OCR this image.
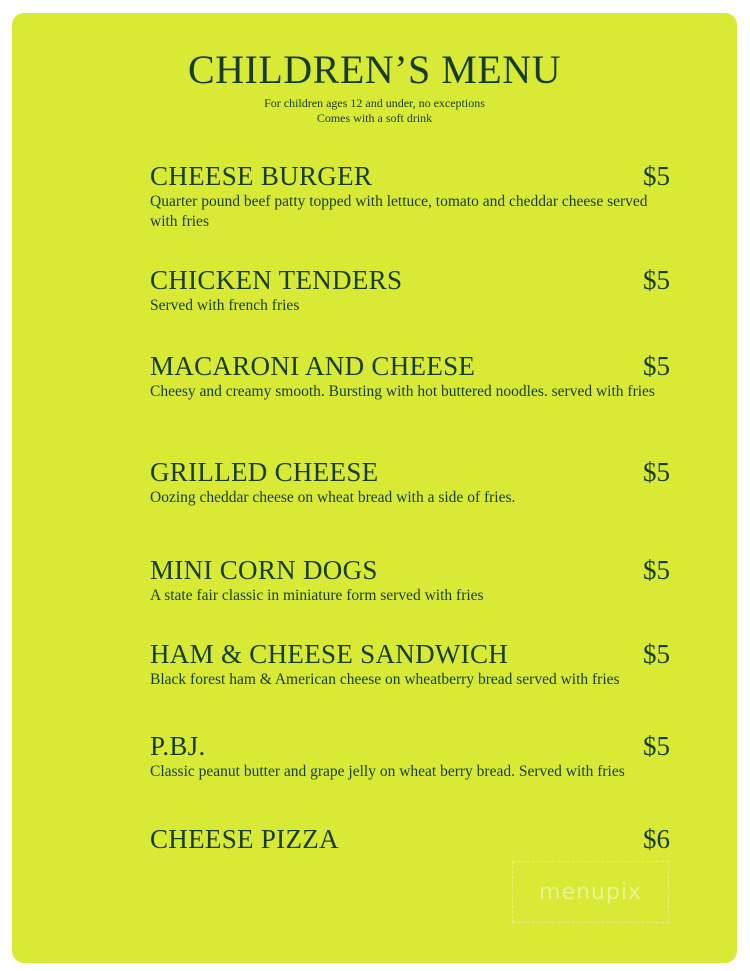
CHILDREN’S MENU
For children ages 12 and under, no exceptions
Comes with a soft drink
CHEESE BURGER	$5
Quarter pound beef patty topped with lettuce, tomato and cheddar cheese served with fries
CHICKEN TENDERS	$5
Served with french fries
MACARONI AND CHEESE	$5
Cheesy and creamy smooth. Bursting with hot buttered noodles. served with fries
GRILLED CHEESE	$5
Oozing cheddar cheese on wheat bread with a side of fries.
MINI CORN DOGS	$5
A state fair classic in miniature form served with fries
HAM & CHEESE SANDWICH	$5
Black forest ham & American cheese on wheatberry bread served with fries
P.BJ.	$5
Classic peanut butter and grape jelly on wheat berry bread. Served with fries
CHEESE PIZZA	$6
menupix
